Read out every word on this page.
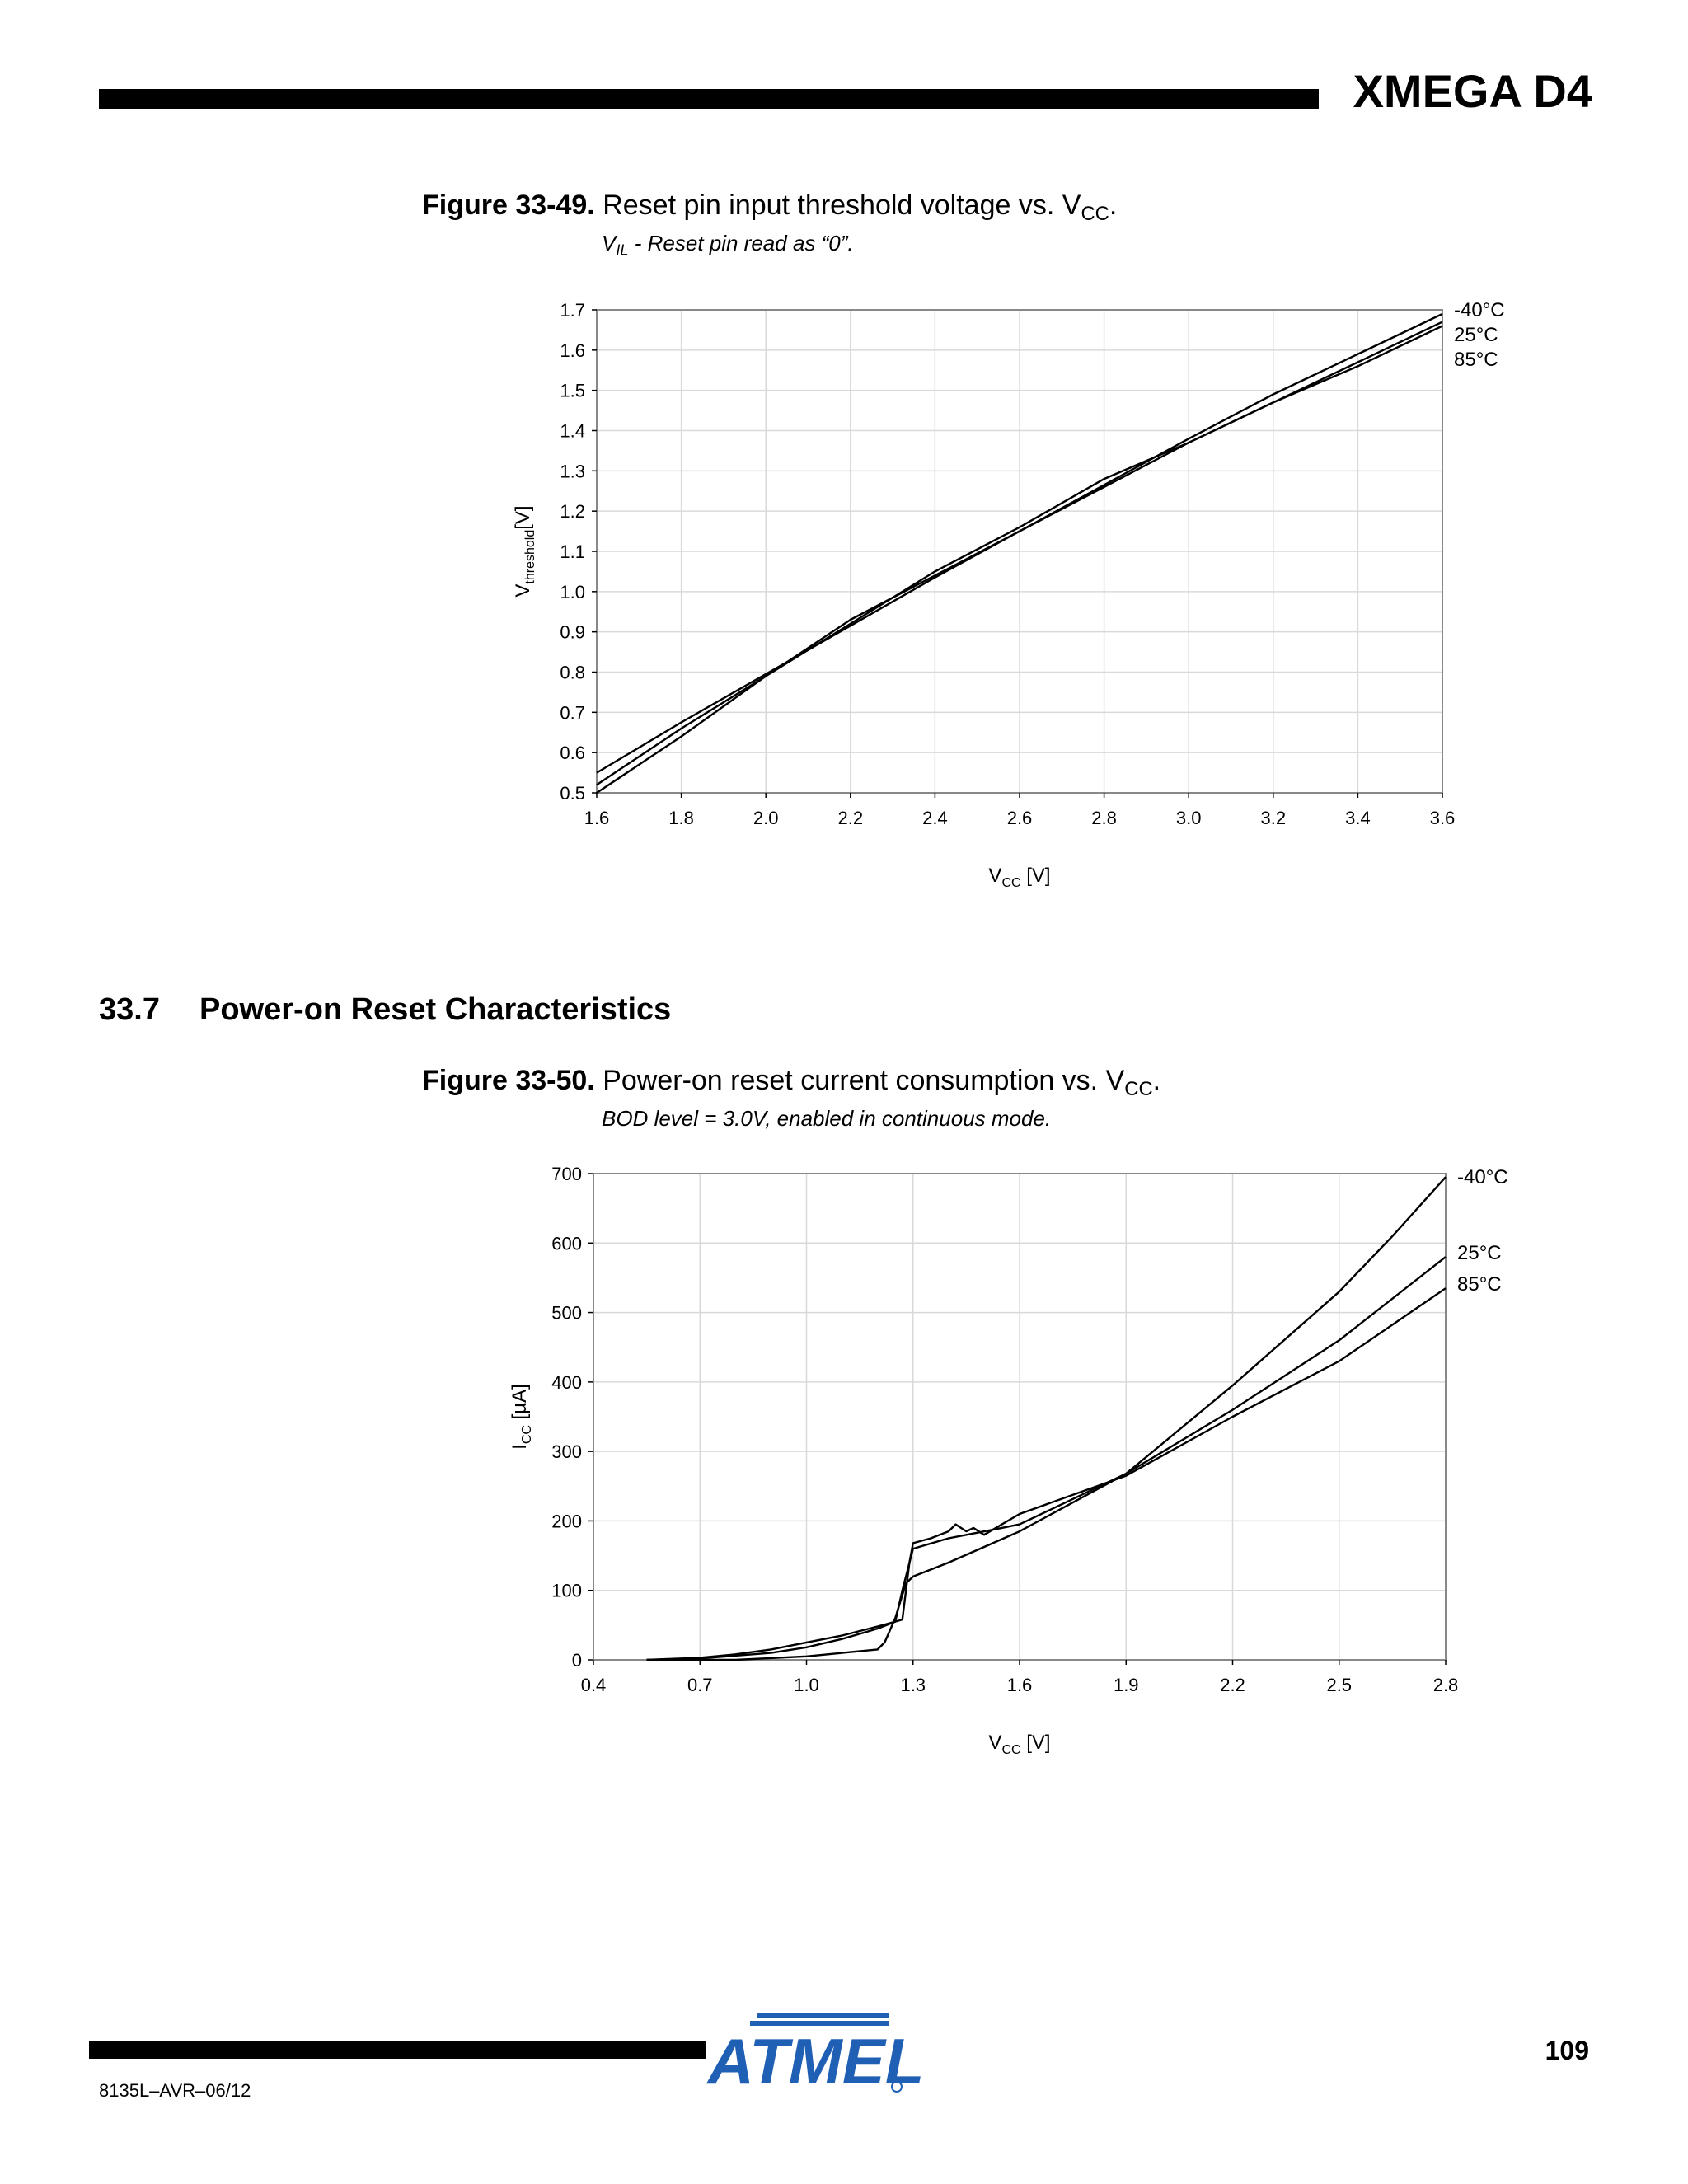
XMEGA D4
Figure 33-49. Reset pin input threshold voltage vs. $V_{CC}$.
$V_{IL}$ - Reset pin read as “0”.
1.6	1.8	2.0	2.2	2.4	2.6	2.8	3.0	3.2	3.4	3.6
0.5
0.6
0.7
0.8
0.9
1.0
1.1
1.2
1.3
1.4
1.5
1.6
1.7
$V_{CC}$ [V]
$V_{threshold}[V]$
-40°C
25°C
85°C
33.7 Power-on Reset Characteristics
Figure 33-50. Power-on reset current consumption vs. $V_{CC}$.
BOD level = 3.0V, enabled in continuous mode.
0.4	0.7	1.0	1.3	1.6	1.9	2.2	2.5	2.8
0
100
200
300
400
500
600
700
$V_{CC}$ [V]
$I_{CC}$ [µA]
-40°C
25°C
85°C
ATMEL	109
8135L–AVR–06/12
